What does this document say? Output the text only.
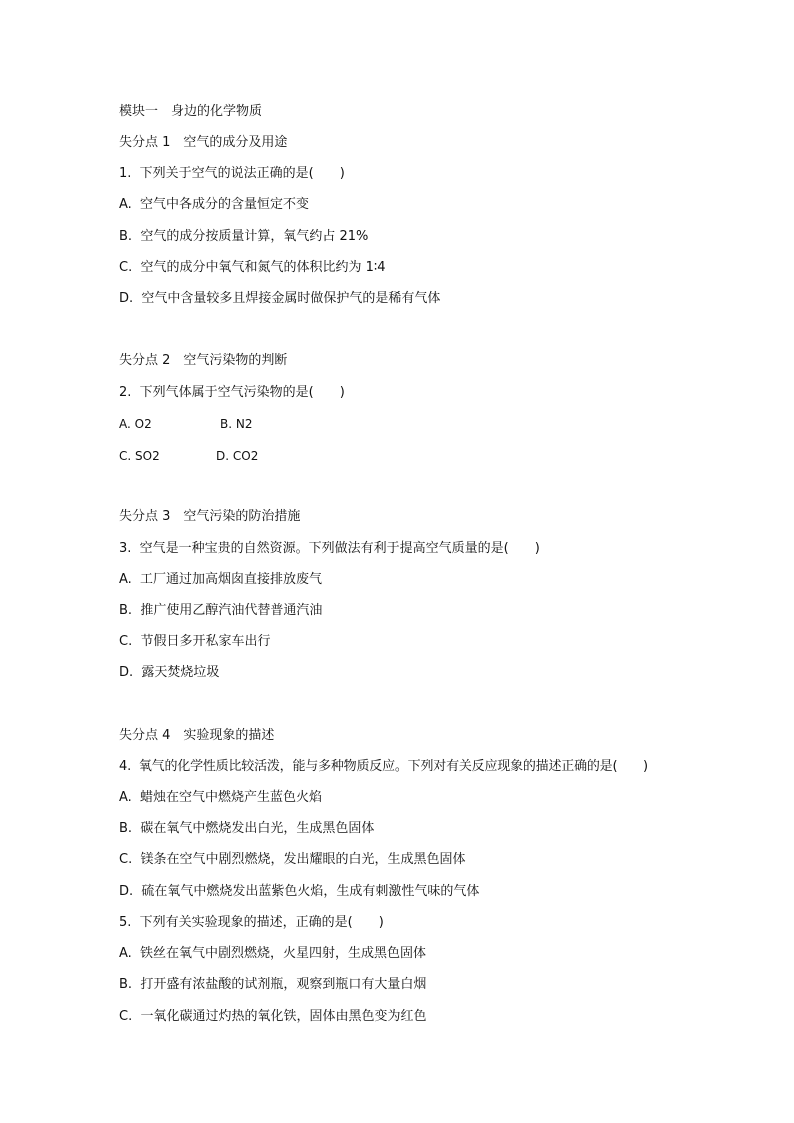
模块一　身边的化学物质
失分点 1　空气的成分及用途
1.  下列关于空气的说法正确的是(　　)
A.  空气中各成分的含量恒定不变
B.  空气的成分按质量计算，氧气约占 21%
C.  空气的成分中氧气和氮气的体积比约为 1∶4
D.  空气中含量较多且焊接金属时做保护气的是稀有气体
失分点 2　空气污染物的判断
2.  下列气体属于空气污染物的是(　　)
A. O2	B. N2
C. SO2	D. CO2
失分点 3　空气污染的防治措施
3.  空气是一种宝贵的自然资源。下列做法有利于提高空气质量的是(　　)
A.  工厂通过加高烟囱直接排放废气
B.  推广使用乙醇汽油代替普通汽油
C.  节假日多开私家车出行
D.  露天焚烧垃圾
失分点 4　实验现象的描述
4.  氧气的化学性质比较活泼，能与多种物质反应。下列对有关反应现象的描述正确的是(　　)
A.  蜡烛在空气中燃烧产生蓝色火焰
B.  碳在氧气中燃烧发出白光，生成黑色固体
C.  镁条在空气中剧烈燃烧，发出耀眼的白光，生成黑色固体
D.  硫在氧气中燃烧发出蓝紫色火焰，生成有刺激性气味的气体
5.  下列有关实验现象的描述，正确的是(　　)
A.  铁丝在氧气中剧烈燃烧，火星四射，生成黑色固体
B.  打开盛有浓盐酸的试剂瓶，观察到瓶口有大量白烟
C.  一氧化碳通过灼热的氧化铁，固体由黑色变为红色
